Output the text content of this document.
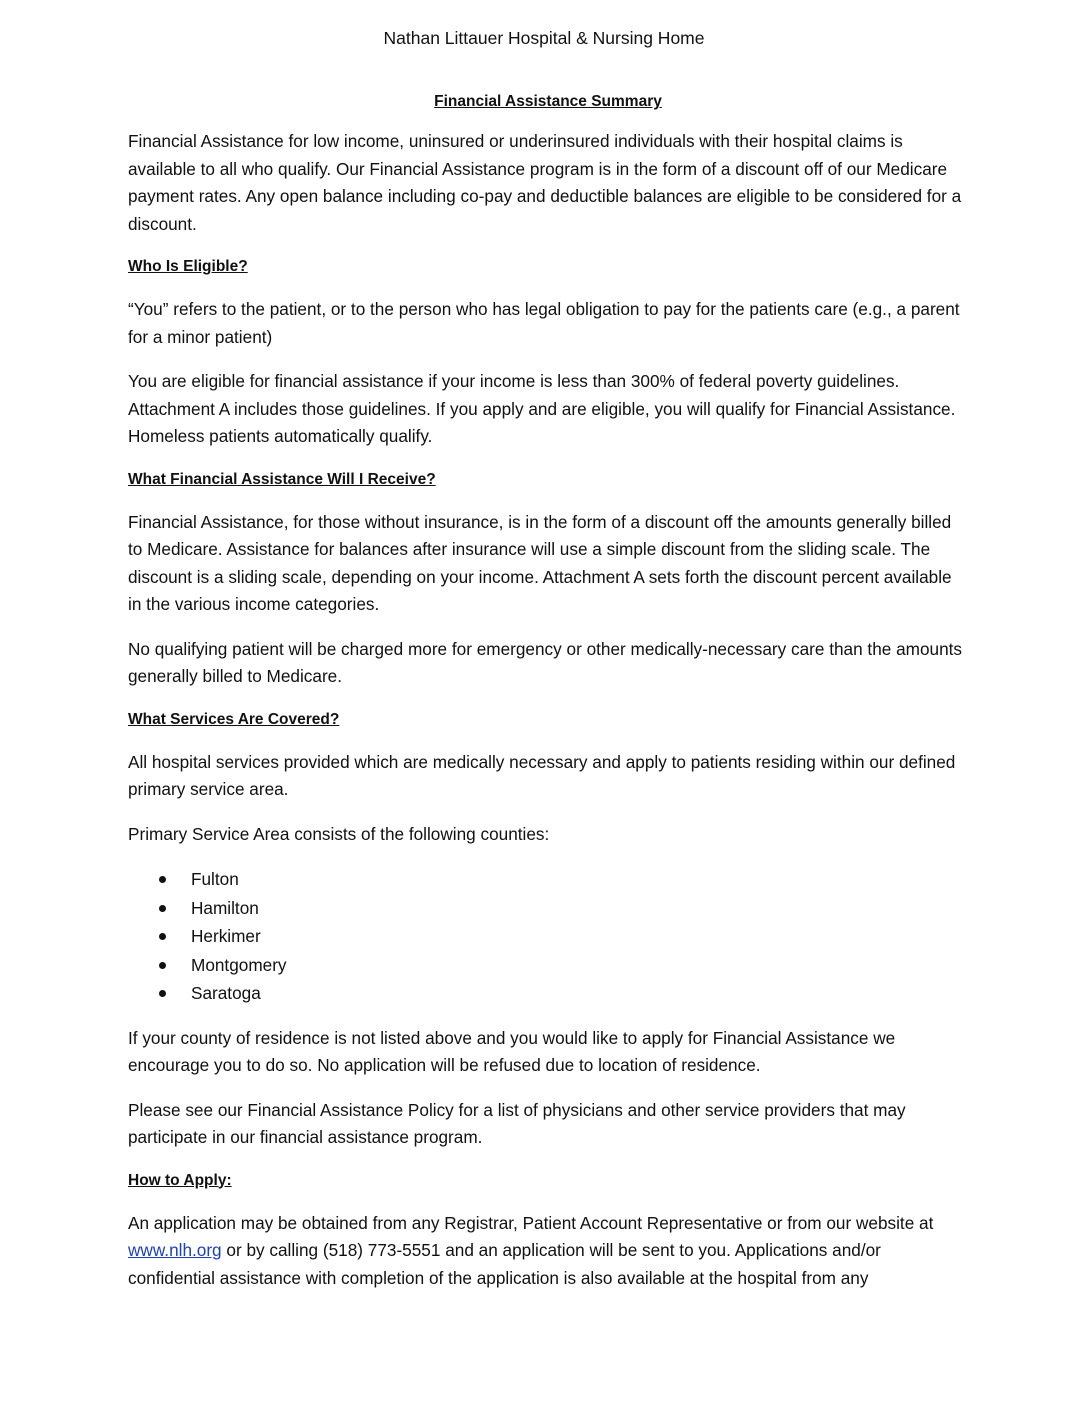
Nathan Littauer Hospital & Nursing Home
Financial Assistance Summary

Financial Assistance for low income, uninsured or underinsured individuals with their hospital claims is available to all who qualify. Our Financial Assistance program is in the form of a discount off of our Medicare payment rates. Any open balance including co-pay and deductible balances are eligible to be considered for a discount.

Who Is Eligible?

“You” refers to the patient, or to the person who has legal obligation to pay for the patients care (e.g., a parent for a minor patient)

You are eligible for financial assistance if your income is less than 300% of federal poverty guidelines. Attachment A includes those guidelines. If you apply and are eligible, you will qualify for Financial Assistance. Homeless patients automatically qualify.

What Financial Assistance Will I Receive?

Financial Assistance, for those without insurance, is in the form of a discount off the amounts generally billed to Medicare. Assistance for balances after insurance will use a simple discount from the sliding scale. The discount is a sliding scale, depending on your income. Attachment A sets forth the discount percent available in the various income categories.

No qualifying patient will be charged more for emergency or other medically-necessary care than the amounts generally billed to Medicare.

What Services Are Covered?

All hospital services provided which are medically necessary and apply to patients residing within our defined primary service area.

Primary Service Area consists of the following counties:

Fulton
Hamilton
Herkimer
Montgomery
Saratoga

If your county of residence is not listed above and you would like to apply for Financial Assistance we encourage you to do so. No application will be refused due to location of residence.

Please see our Financial Assistance Policy for a list of physicians and other service providers that may participate in our financial assistance program.

How to Apply:

An application may be obtained from any Registrar, Patient Account Representative or from our website at www.nlh.org or by calling (518) 773-5551 and an application will be sent to you. Applications and/or confidential assistance with completion of the application is also available at the hospital from any
